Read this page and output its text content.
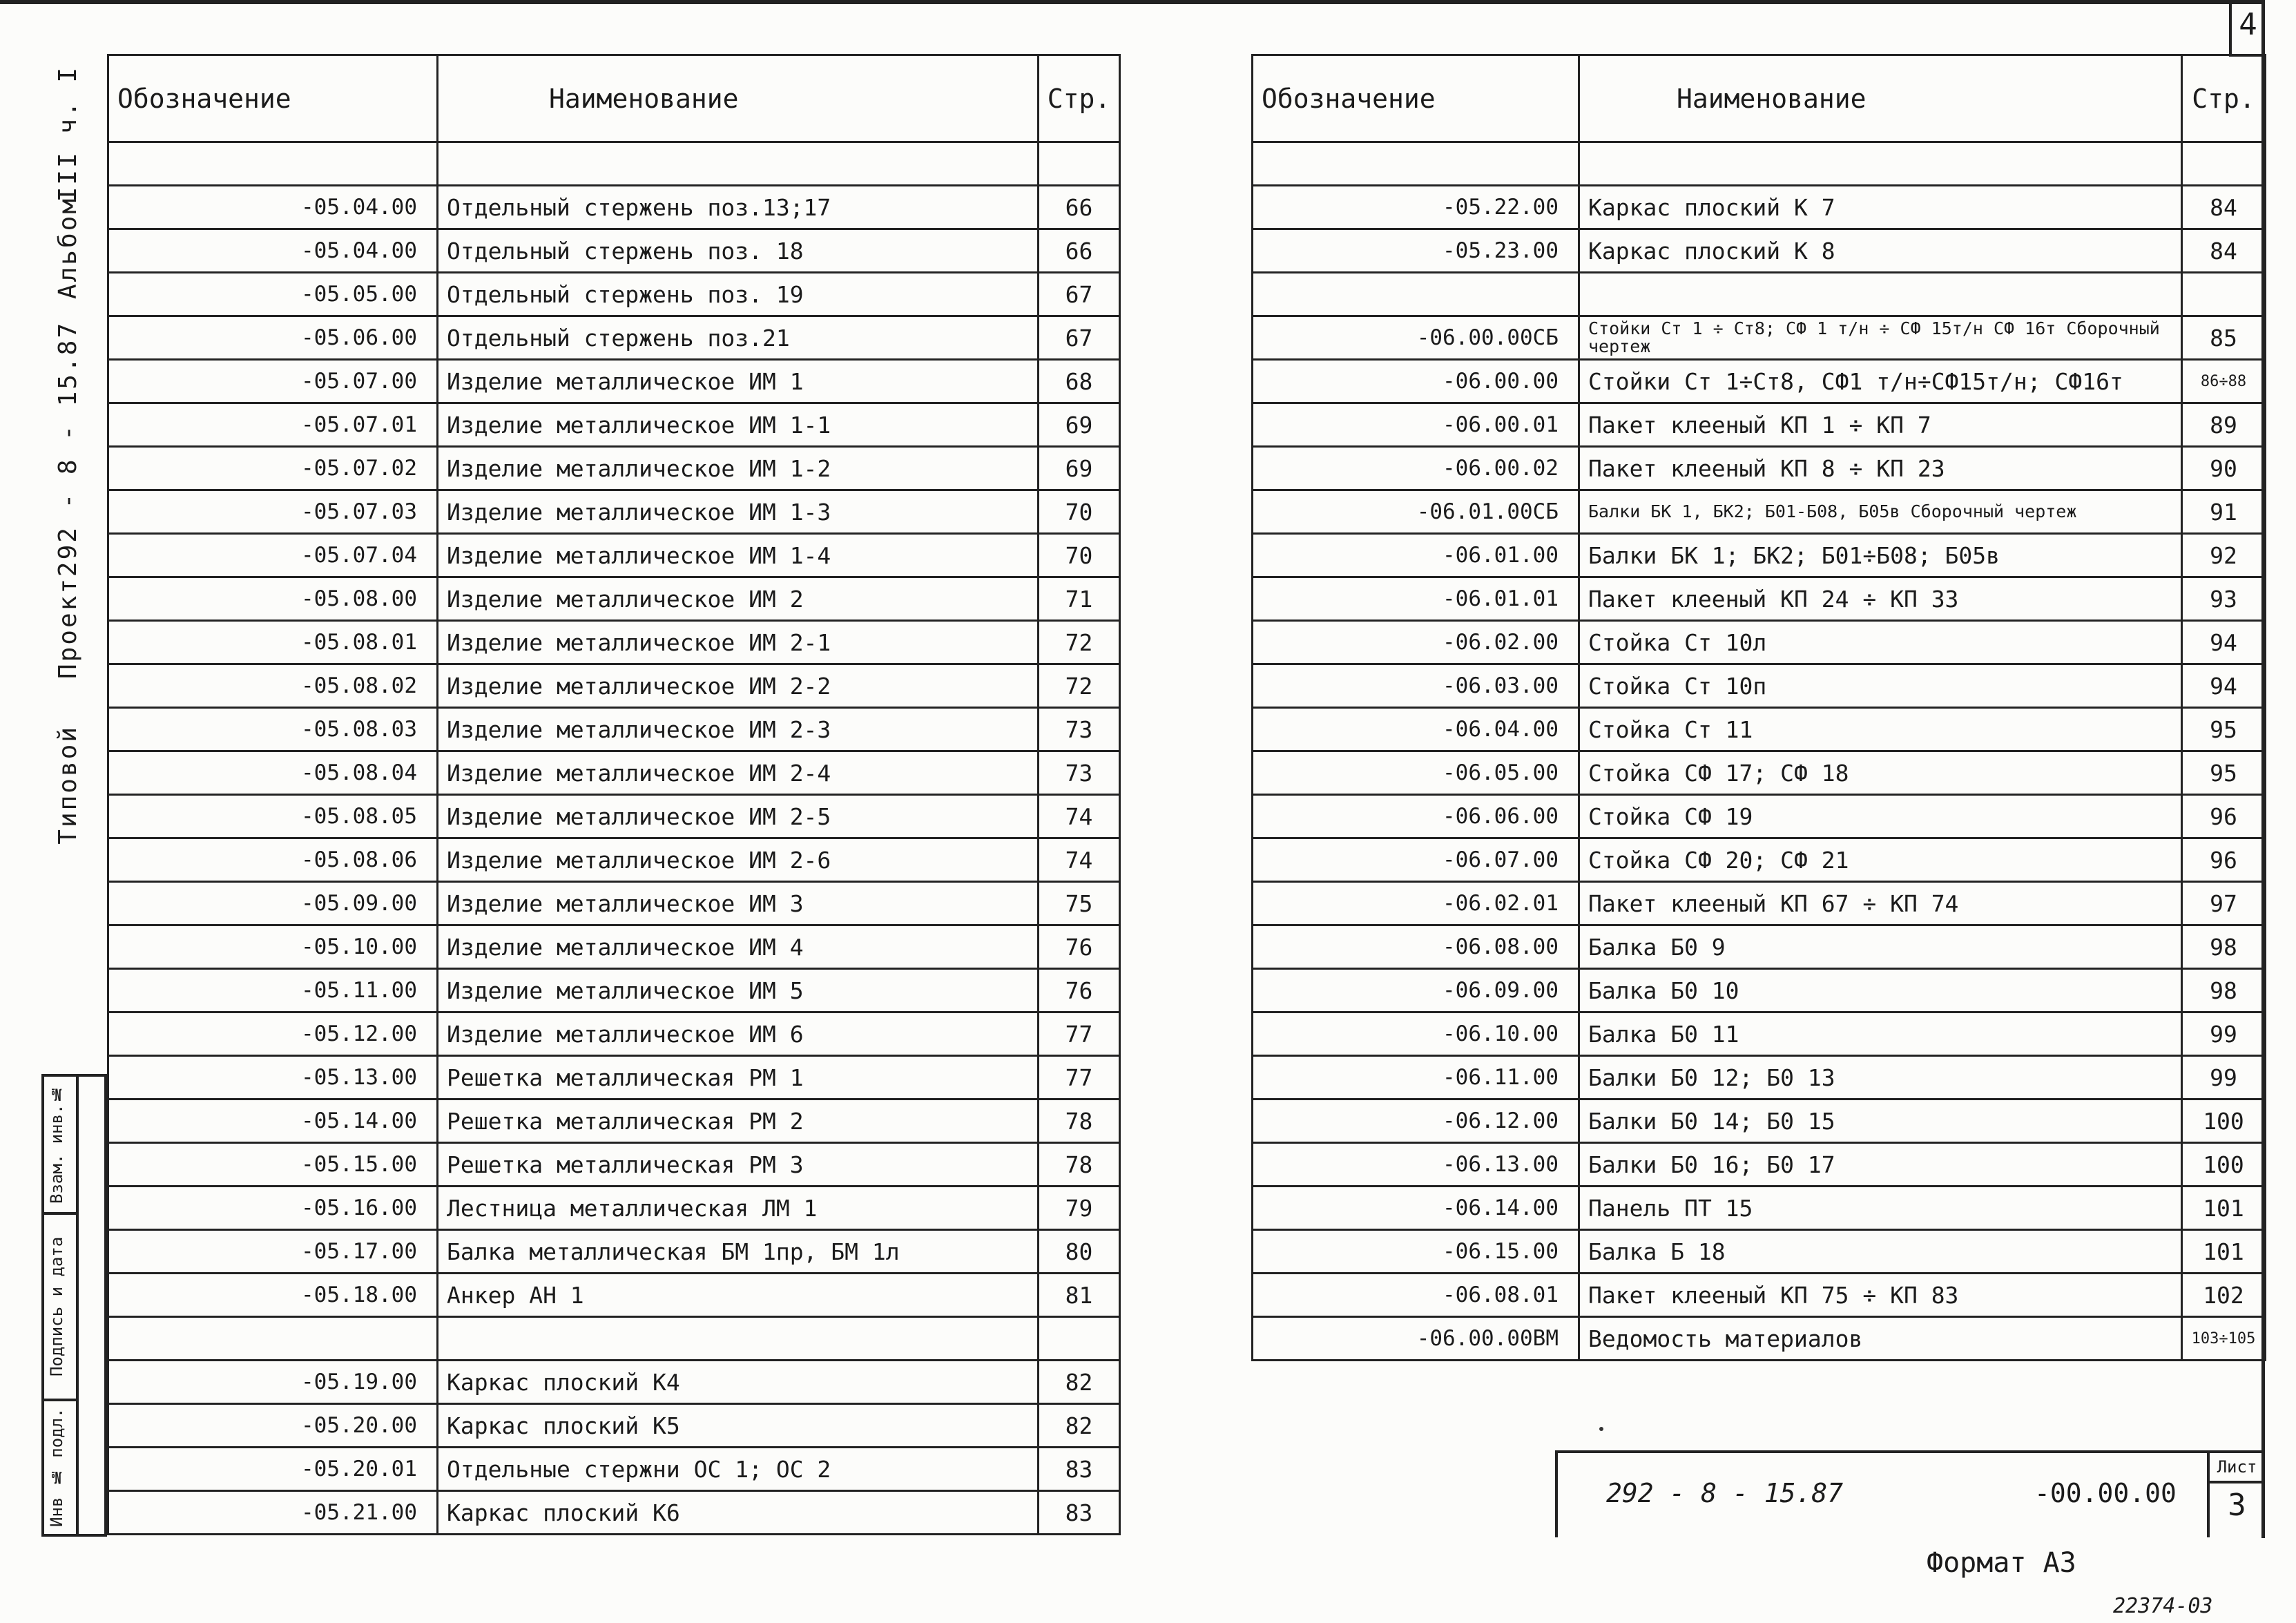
4
III ч. I
Альбом
292 - 8 - 15.87
Проект
Типовой
Взам. инв.№
Подпись и дата
Инв № подл.
Обозначение	Наименование	Стр.

-05.04.00	Отдельный стержень поз.13;17	66
-05.04.00	Отдельный стержень поз. 18	66
-05.05.00	Отдельный стержень поз. 19	67
-05.06.00	Отдельный стержень поз.21	67
-05.07.00	Изделие металлическое ИМ 1	68
-05.07.01	Изделие металлическое ИМ 1-1	69
-05.07.02	Изделие металлическое ИМ 1-2	69
-05.07.03	Изделие металлическое ИМ 1-3	70
-05.07.04	Изделие металлическое ИМ 1-4	70
-05.08.00	Изделие металлическое ИМ 2	71
-05.08.01	Изделие металлическое ИМ 2-1	72
-05.08.02	Изделие металлическое ИМ 2-2	72
-05.08.03	Изделие металлическое ИМ 2-3	73
-05.08.04	Изделие металлическое ИМ 2-4	73
-05.08.05	Изделие металлическое ИМ 2-5	74
-05.08.06	Изделие металлическое ИМ 2-6	74
-05.09.00	Изделие металлическое ИМ 3	75
-05.10.00	Изделие металлическое ИМ 4	76
-05.11.00	Изделие металлическое ИМ 5	76
-05.12.00	Изделие металлическое ИМ 6	77
-05.13.00	Решетка металлическая РМ 1	77
-05.14.00	Решетка металлическая РМ 2	78
-05.15.00	Решетка металлическая РМ 3	78
-05.16.00	Лестница металлическая ЛМ 1	79
-05.17.00	Балка металлическая БМ 1пр, БМ 1л	80
-05.18.00	Анкер АН 1	81

-05.19.00	Каркас плоский К4	82
-05.20.00	Каркас плоский К5	82
-05.20.01	Отдельные стержни ОС 1; ОС 2	83
-05.21.00	Каркас плоский К6	83
Обозначение	Наименование	Стр.

-05.22.00	Каркас плоский К 7	84
-05.23.00	Каркас плоский К 8	84

-06.00.00СБ	Стойки Ст 1 ÷ Ст8; СФ 1 т/н ÷ СФ 15т/н СФ 16т Сборочный чертеж	85
-06.00.00	Стойки Ст 1÷Ст8, СФ1 т/н÷СФ15т/н; СФ16т	86÷88
-06.00.01	Пакет клееный КП 1 ÷ КП 7	89
-06.00.02	Пакет клееный КП 8 ÷ КП 23	90
-06.01.00СБ	Балки БК 1, БК2; Б01-Б08, Б05в Сборочный чертеж	91
-06.01.00	Балки БК 1; БК2; Б01÷Б08; Б05в	92
-06.01.01	Пакет клееный КП 24 ÷ КП 33	93
-06.02.00	Стойка Ст 10л	94
-06.03.00	Стойка Ст 10п	94
-06.04.00	Стойка Ст 11	95
-06.05.00	Стойка СФ 17; СФ 18	95
-06.06.00	Стойка СФ 19	96
-06.07.00	Стойка СФ 20; СФ 21	96
-06.02.01	Пакет клееный КП 67 ÷ КП 74	97
-06.08.00	Балка Б0 9	98
-06.09.00	Балка Б0 10	98
-06.10.00	Балка Б0 11	99
-06.11.00	Балки Б0 12; Б0 13	99
-06.12.00	Балки Б0 14; Б0 15	100
-06.13.00	Балки Б0 16; Б0 17	100
-06.14.00	Панель ПТ 15	101
-06.15.00	Балка Б 18	101
-06.08.01	Пакет клееный КП 75 ÷ КП 83	102
-06.00.00ВМ	Ведомость материалов	103÷105
292 - 8 - 15.87	-00.00.00
Лист
3
Формат А3
22374-03
